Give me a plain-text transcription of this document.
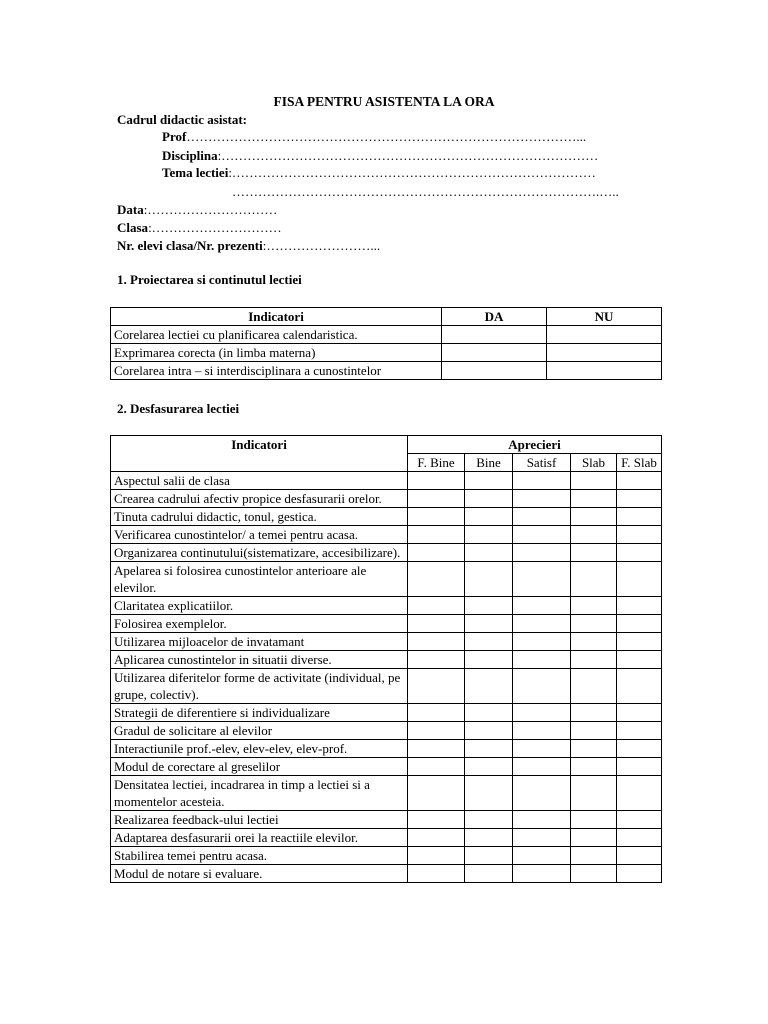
FISA PENTRU ASISTENTA LA ORA
Cadrul didactic asistat:
Prof………………………………………………………………………………...
Disciplina:……………………………………………………………………………
Tema lectiei:…………………………………………………………………………
………………………………………………………………………….…..
Data:…………………………
Clasa:…………………………
Nr. elevi clasa/Nr. prezenti:……………………...
1. Proiectarea si continutul lectiei
Indicatori	DA	NU
Corelarea lectiei cu planificarea calendaristica.		
Exprimarea corecta (in limba materna)		
Corelarea intra – si interdisciplinara a cunostintelor		
2. Desfasurarea lectiei
Indicatori	Aprecieri				
	F. Bine	Bine	Satisf	Slab	F. Slab
Aspectul salii de clasa					
Crearea cadrului afectiv propice desfasurarii orelor.					
Tinuta cadrului didactic, tonul, gestica.					
Verificarea cunostintelor/ a temei pentru acasa.					
Organizarea continutului(sistematizare, accesibilizare).					
Apelarea si folosirea cunostintelor anterioare ale elevilor.					
Claritatea explicatiilor.					
Folosirea exemplelor.					
Utilizarea mijloacelor de invatamant					
Aplicarea cunostintelor in situatii diverse.					
Utilizarea diferitelor forme de activitate (individual, pe grupe, colectiv).					
Strategii de diferentiere si individualizare					
Gradul de solicitare al elevilor					
Interactiunile prof.-elev, elev-elev, elev-prof.					
Modul de corectare al greselilor					
Densitatea lectiei, incadrarea in timp a lectiei si a momentelor acesteia.					
Realizarea feedback-ului lectiei					
Adaptarea desfasurarii orei la reactiile elevilor.					
Stabilirea temei pentru acasa.					
Modul de notare si evaluare.					
